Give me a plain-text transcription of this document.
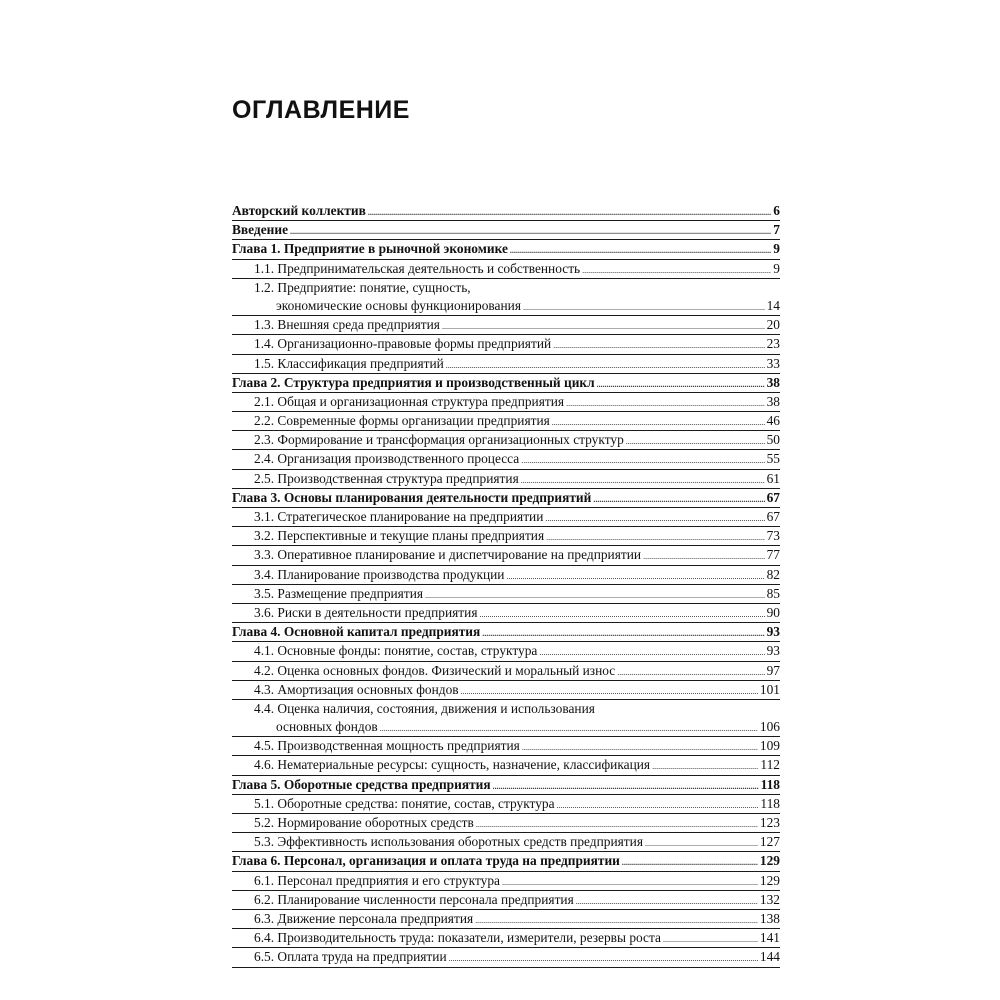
ОГЛАВЛЕНИЕ
Авторский коллектив .....	6
Введение .....	7
Глава 1. Предприятие в рыночной экономике .....	9
1.1. Предпринимательская деятельность и собственность .....	9
1.2. Предприятие: понятие, сущность,
экономические основы функционирования .....	14
1.3. Внешняя среда предприятия .....	20
1.4. Организационно-правовые формы предприятий .....	23
1.5. Классификация предприятий .....	33
Глава 2. Структура предприятия и производственный цикл .....	38
2.1. Общая и организационная структура предприятия .....	38
2.2. Современные формы организации предприятия .....	46
2.3. Формирование и трансформация организационных структур .....	50
2.4. Организация производственного процесса .....	55
2.5. Производственная структура предприятия .....	61
Глава 3. Основы планирования деятельности предприятий .....	67
3.1. Стратегическое планирование на предприятии .....	67
3.2. Перспективные и текущие планы предприятия .....	73
3.3. Оперативное планирование и диспетчирование на предприятии .....	77
3.4. Планирование производства продукции .....	82
3.5. Размещение предприятия .....	85
3.6. Риски в деятельности предприятия .....	90
Глава 4. Основной капитал предприятия .....	93
4.1. Основные фонды: понятие, состав, структура .....	93
4.2. Оценка основных фондов. Физический и моральный износ .....	97
4.3. Амортизация основных фондов .....	101
4.4. Оценка наличия, состояния, движения и использования
основных фондов .....	106
4.5. Производственная мощность предприятия .....	109
4.6. Нематериальные ресурсы: сущность, назначение, классификация .....	112
Глава 5. Оборотные средства предприятия .....	118
5.1. Оборотные средства: понятие, состав, структура .....	118
5.2. Нормирование оборотных средств .....	123
5.3. Эффективность использования оборотных средств предприятия .....	127
Глава 6. Персонал, организация и оплата труда на предприятии .....	129
6.1. Персонал предприятия и его структура .....	129
6.2. Планирование численности персонала предприятия .....	132
6.3. Движение персонала предприятия .....	138
6.4. Производительность труда: показатели, измерители, резервы роста .....	141
6.5. Оплата труда на предприятии .....	144
